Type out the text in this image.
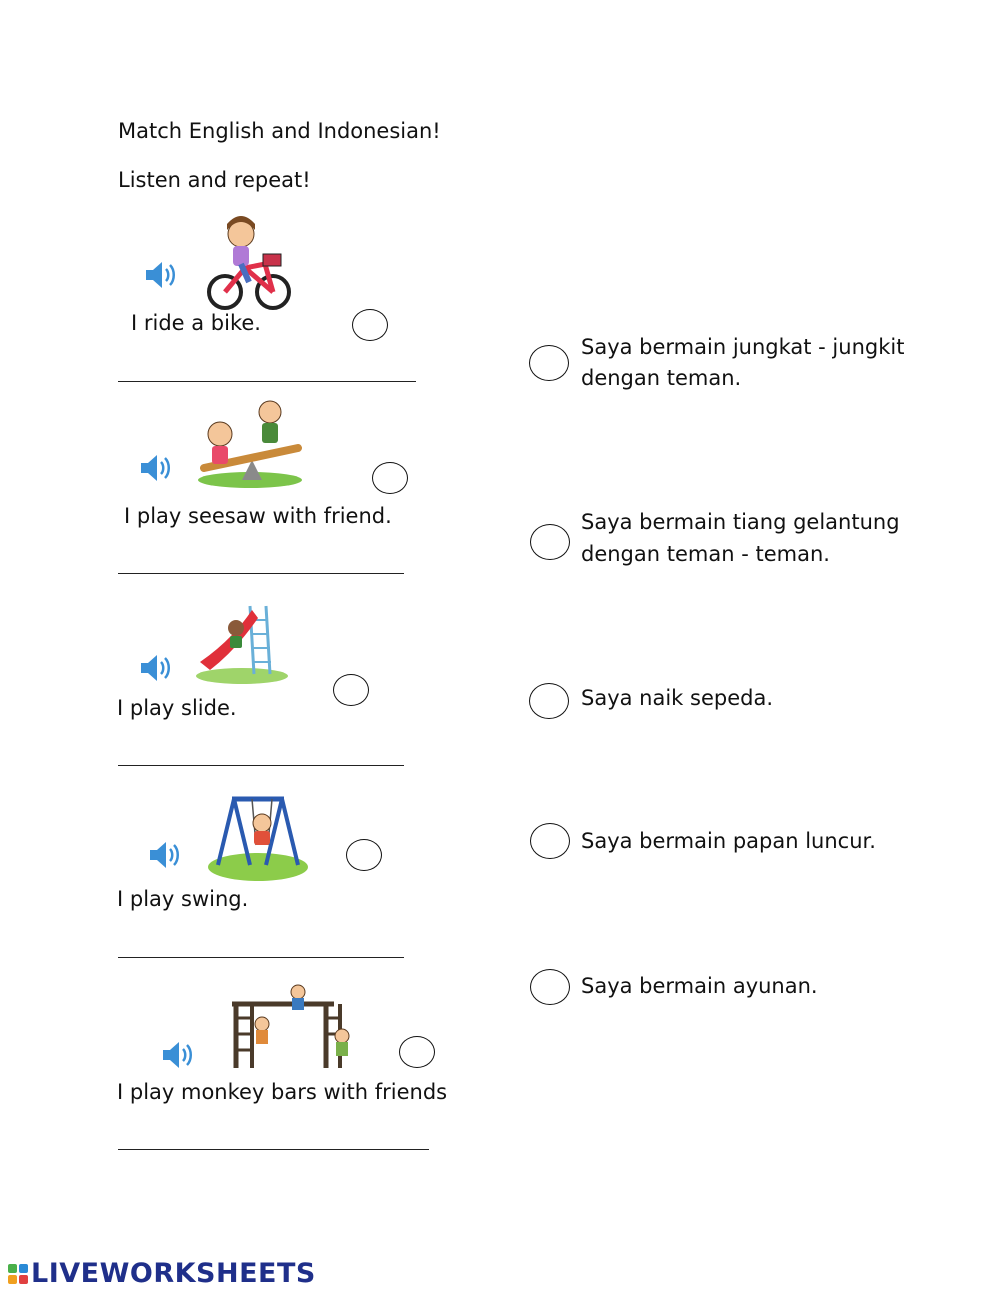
Match English and Indonesian!
Listen and repeat!
I ride a bike.
I play seesaw with friend.
I play slide.
I play swing.
I play monkey bars with friends
Saya bermain jungkat - jungkit
dengan teman.
Saya bermain tiang gelantung
dengan teman - teman.
Saya naik sepeda.
Saya bermain papan luncur.
Saya bermain ayunan.
LIVEWORKSHEETS
